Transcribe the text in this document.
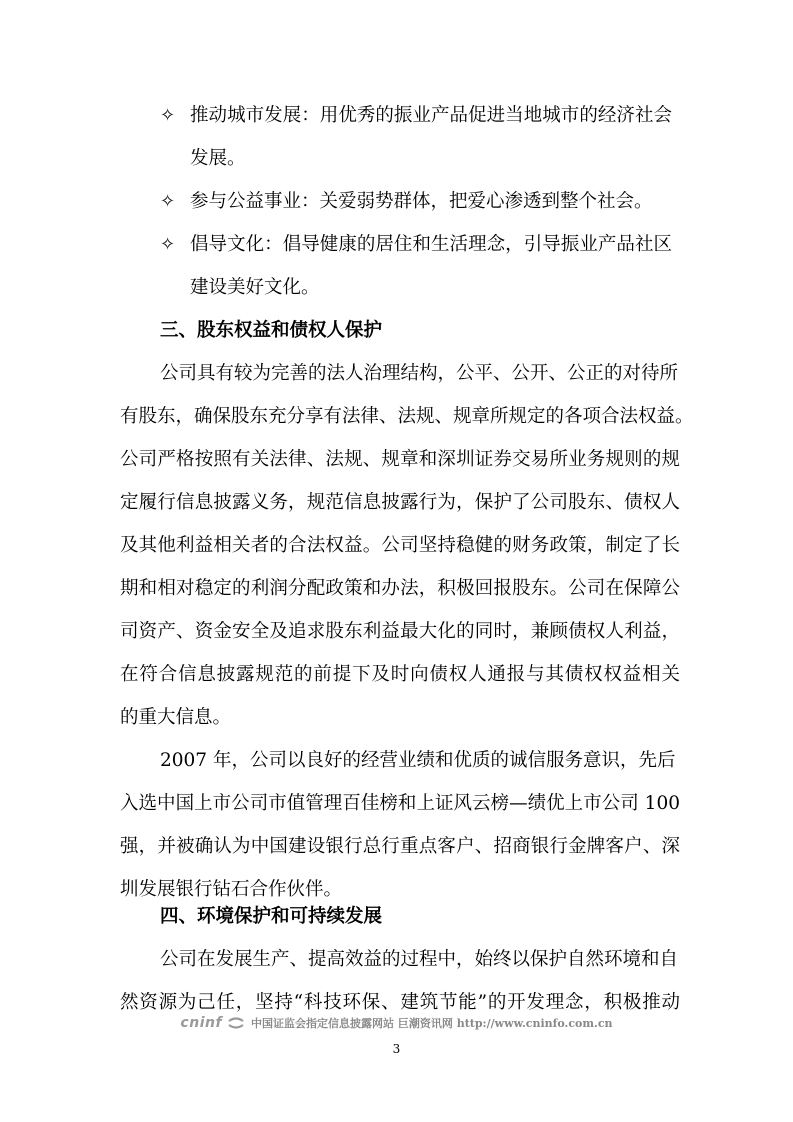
✧ 推动城市发展：用优秀的振业产品促进当地城市的经济社会
发展。
✧ 参与公益事业：关爱弱势群体，把爱心渗透到整个社会。
✧ 倡导文化：倡导健康的居住和生活理念，引导振业产品社区
建设美好文化。
三、股东权益和债权人保护
公司具有较为完善的法人治理结构，公平、公开、公正的对待所
有股东，确保股东充分享有法律、法规、规章所规定的各项合法权益。
公司严格按照有关法律、法规、规章和深圳证券交易所业务规则的规
定履行信息披露义务，规范信息披露行为，保护了公司股东、债权人
及其他利益相关者的合法权益。公司坚持稳健的财务政策，制定了长
期和相对稳定的利润分配政策和办法，积极回报股东。公司在保障公
司资产、资金安全及追求股东利益最大化的同时，兼顾债权人利益，
在符合信息披露规范的前提下及时向债权人通报与其债权权益相关
的重大信息。
2007 年，公司以良好的经营业绩和优质的诚信服务意识，先后
入选中国上市公司市值管理百佳榜和上证风云榜—绩优上市公司 100
强，并被确认为中国建设银行总行重点客户、招商银行金牌客户、深
圳发展银行钻石合作伙伴。
四、环境保护和可持续发展
公司在发展生产、提高效益的过程中，始终以保护自然环境和自
cninf	中国证监会指定信息披露网站 巨潮资讯网 http://www.cninfo.com.cn
3
然资源为己任，坚持“科技环保、建筑节能”的开发理念，积极推动
